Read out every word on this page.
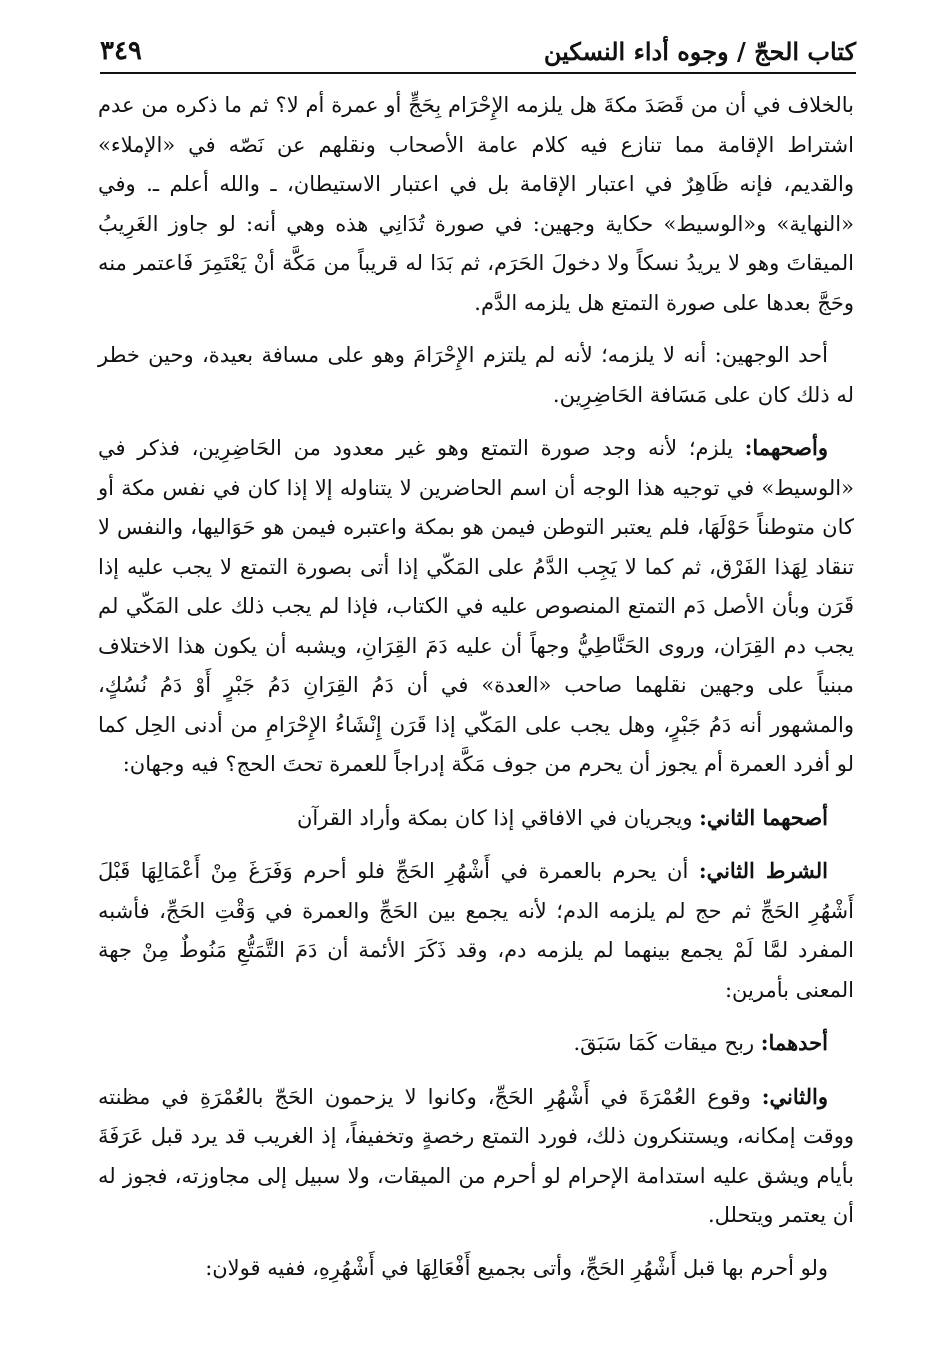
كتاب الحجّ / وجوه أداء النسكين
٣٤٩

بالخلاف في أن من قَصَدَ مكةَ هل يلزمه الإِحْرَام بِحَجٍّ أو عمرة أم لا؟ ثم ما ذكره من عدم اشتراط الإقامة مما تنازع فيه كلام عامة الأصحاب ونقلهم عن نَصّه في «الإملاء» والقديم، فإنه ظَاهِرٌ في اعتبار الإقامة بل في اعتبار الاستيطان، ـ والله أعلم ـ. وفي «النهاية» و«الوسيط» حكاية وجهين: في صورة تُدَانِي هذه وهي أنه: لو جاوز الغَرِيبُ الميقاتَ وهو لا يريدُ نسكاً ولا دخولَ الحَرَم، ثم بَدَا له قريباً من مَكَّة أنْ يَعْتَمِرَ فَاعتمر منه وحَجَّ بعدها على صورة التمتع هل يلزمه الدَّم.

أحد الوجهين: أنه لا يلزمه؛ لأنه لم يلتزم الإِحْرَامَ وهو على مسافة بعيدة، وحين خطر له ذلك كان على مَسَافة الحَاضِرِين.

وأصحهما: يلزم؛ لأنه وجد صورة التمتع وهو غير معدود من الحَاضِرِين، فذكر في «الوسيط» في توجيه هذا الوجه أن اسم الحاضرين لا يتناوله إلا إذا كان في نفس مكة أو كان متوطناً حَوْلَهَا، فلم يعتبر التوطن فيمن هو بمكة واعتبره فيمن هو حَوَاليها، والنفس لا تنقاد لِهَذا الفَرْق، ثم كما لا يَجِب الدَّمُ على المَكّي إذا أتى بصورة التمتع لا يجب عليه إذا قَرَن وبأن الأصل دَم التمتع المنصوص عليه في الكتاب، فإذا لم يجب ذلك على المَكّي لم يجب دم القِرَان، وروى الحَنَّاطِيُّ وجهاً أن عليه دَمَ القِرَانِ، ويشبه أن يكون هذا الاختلاف مبنياً على وجهين نقلهما صاحب «العدة» في أن دَمُ القِرَانِ دَمُ جَبْرٍ أَوْ دَمُ نُسُكٍ، والمشهور أنه دَمُ جَبْرٍ، وهل يجب على المَكّي إذا قَرَن إِنْشَاءُ الإِحْرَامِ من أدنى الحِل كما لو أفرد العمرة أم يجوز أن يحرم من جوف مَكَّة إدراجاً للعمرة تحتَ الحج؟ فيه وجهان:

أصحهما الثاني: ويجريان في الافاقي إذا كان بمكة وأراد القرآن

الشرط الثاني: أن يحرم بالعمرة في أَشْهُرِ الحَجِّ فلو أحرم وَفَرَغَ مِنْ أَعْمَالِهَا قَبْلَ أَشْهُرِ الحَجِّ ثم حج لم يلزمه الدم؛ لأنه يجمع بين الحَجِّ والعمرة في وَقْتِ الحَجِّ، فأشبه المفرد لمَّا لَمْ يجمع بينهما لم يلزمه دم، وقد ذَكَرَ الأئمة أن دَمَ التَّمَتُّعِ مَنُوطٌ مِنْ جهة المعنى بأمرين:

أحدهما: ربح ميقات كَمَا سَبَقَ.

والثاني: وقوع العُمْرَةَ في أَشْهُرِ الحَجِّ، وكانوا لا يزحمون الحَجّ بالعُمْرَةِ في مظنته ووقت إمكانه، ويستنكرون ذلك، فورد التمتع رخصةٍ وتخفيفاً، إذ الغريب قد يرد قبل عَرَفَةَ بأيام ويشق عليه استدامة الإحرام لو أحرم من الميقات، ولا سبيل إلى مجاوزته، فجوز له أن يعتمر ويتحلل.

ولو أحرم بها قبل أَشْهُرِ الحَجِّ، وأتى بجميع أَفْعَالِهَا في أَشْهُرِهِ، ففيه قولان:
